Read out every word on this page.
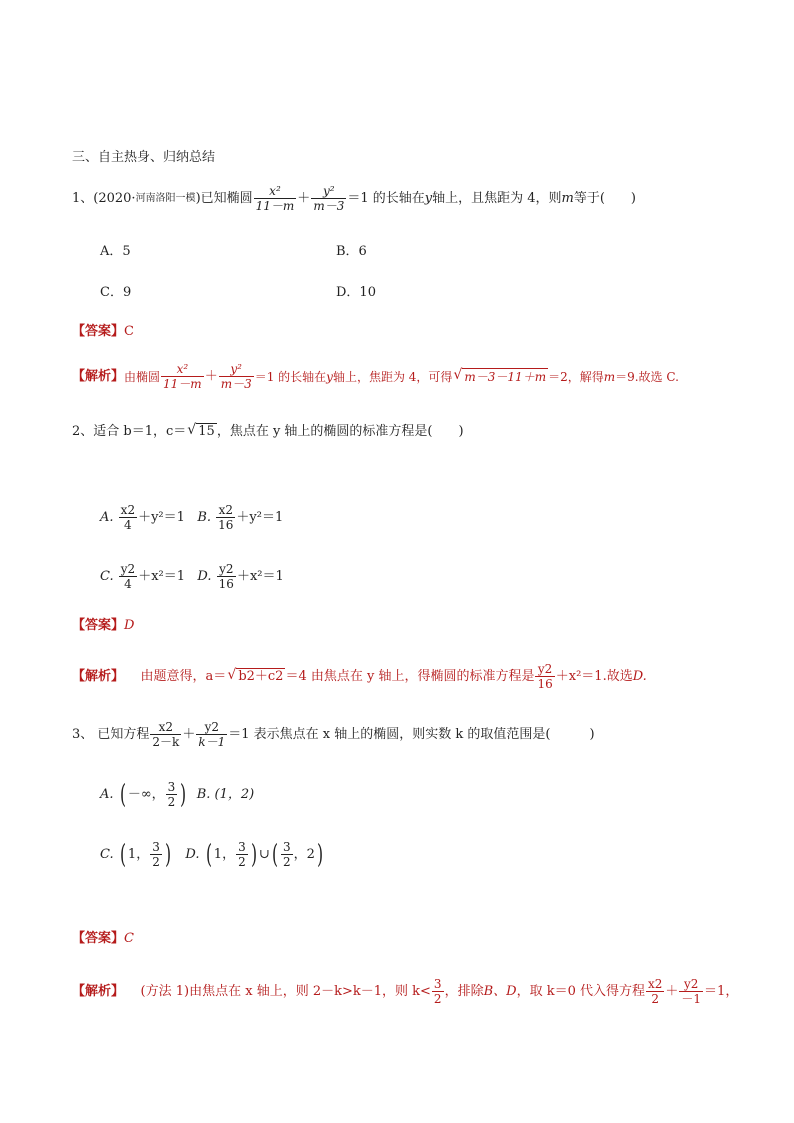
三、自主热身、归纳总结
1、(2020· 河南洛阳一模 )已知椭圆 $\frac{\text{x²}}{11-m} + \frac{\text{y²}}{m-3} =1$ 的长轴在 y 轴上，且焦距为 4，则 m 等于(　　)
A．5	B．6
C．9	D．10
【答案】C
【解析】 由椭圆 $\frac{\text{x²}}{11-m} + \frac{\text{y²}}{m-3} =1$ 的长轴在 y 轴上，焦距为 4，可得 √ m－3－11＋m ＝2，解得 m ＝9.故选 C.
2、适合 b＝1，c＝ √ 15 ，焦点在 y 轴上的椭圆的标准方程是(　　)
A.
$\frac{x2}{4} +y^2=1$
B.
$\frac{x2}{16} +y^2=1$
C.
$\frac{y2}{4} +x^2=1$
D.
$\frac{y2}{16} +x^2=1$
【答案】D
【解析】
由题意得，a＝ √ b2＋c2 ＝4 由焦点在 y 轴上，得椭圆的标准方程是 $\frac{y2}{16} +x^2=1$.故选 D.
3、 已知方程 $\frac{x2}{2-k} + \frac{y2}{k-1} =1$ 表示焦点在 x 轴上的椭圆，则实数 k 的取值范围是(　　　)
A.
( －∞， $\frac{3}{2}$ )
B. (1，2)
C.
( 1， $\frac{3}{2}$ )
D.
( 1， $\frac{3}{2}$ ) ∪ ( $\frac{3}{2}$ ，2 )
【答案】C
【解析】
(方法 1)由焦点在 x 轴上，则 2－k>k－1，则 $k< \frac{3}{2}$ ，排除 B、D ，取 k＝0 代入得方程 $\frac{x2}{2} + \frac{y2}{-1} =1$，
